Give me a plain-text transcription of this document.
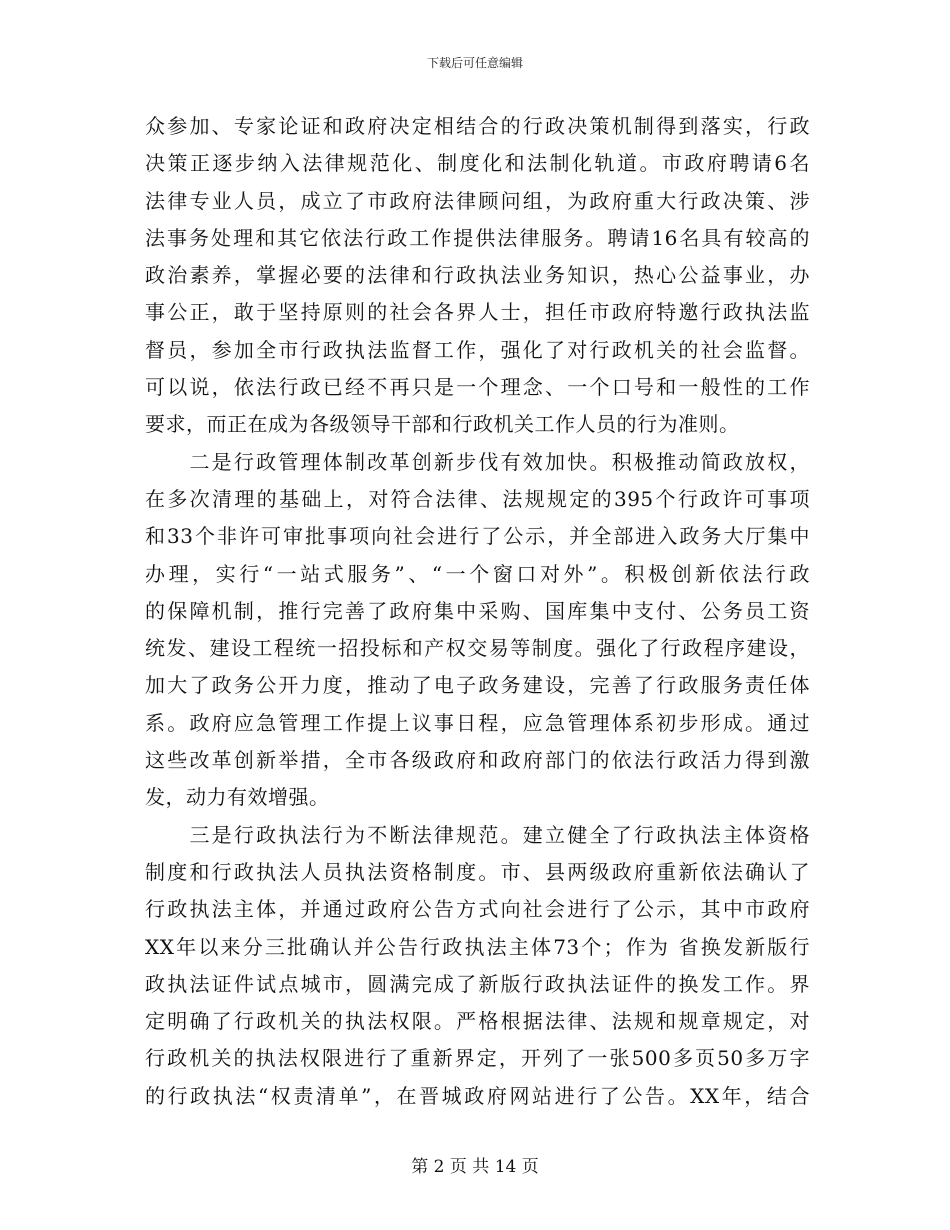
下载后可任意编辑
众参加、专家论证和政府决定相结合的行政决策机制得到落实，行政
决策正逐步纳入法律规范化、制度化和法制化轨道。市政府聘请6名
法律专业人员，成立了市政府法律顾问组，为政府重大行政决策、涉
法事务处理和其它依法行政工作提供法律服务。聘请16名具有较高的
政治素养，掌握必要的法律和行政执法业务知识，热心公益事业，办
事公正，敢于坚持原则的社会各界人士，担任市政府特邀行政执法监
督员，参加全市行政执法监督工作，强化了对行政机关的社会监督。
可以说，依法行政已经不再只是一个理念、一个口号和一般性的工作
要求，而正在成为各级领导干部和行政机关工作人员的行为准则。
　　二是行政管理体制改革创新步伐有效加快。积极推动简政放权，
在多次清理的基础上，对符合法律、法规规定的395个行政许可事项
和33个非许可审批事项向社会进行了公示，并全部进入政务大厅集中
办理，实行“一站式服务”、“一个窗口对外”。积极创新依法行政
的保障机制，推行完善了政府集中采购、国库集中支付、公务员工资
统发、建设工程统一招投标和产权交易等制度。强化了行政程序建设，
加大了政务公开力度，推动了电子政务建设，完善了行政服务责任体
系。政府应急管理工作提上议事日程，应急管理体系初步形成。通过
这些改革创新举措，全市各级政府和政府部门的依法行政活力得到激
发，动力有效增强。
　　三是行政执法行为不断法律规范。建立健全了行政执法主体资格
制度和行政执法人员执法资格制度。市、县两级政府重新依法确认了
行政执法主体，并通过政府公告方式向社会进行了公示，其中市政府
XX年以来分三批确认并公告行政执法主体73个；作为 省换发新版行
政执法证件试点城市，圆满完成了新版行政执法证件的换发工作。界
定明确了行政机关的执法权限。严格根据法律、法规和规章规定，对
行政机关的执法权限进行了重新界定，开列了一张500多页50多万字
的行政执法“权责清单”，在晋城政府网站进行了公告。XX年，结合
第 2 页 共 14 页
